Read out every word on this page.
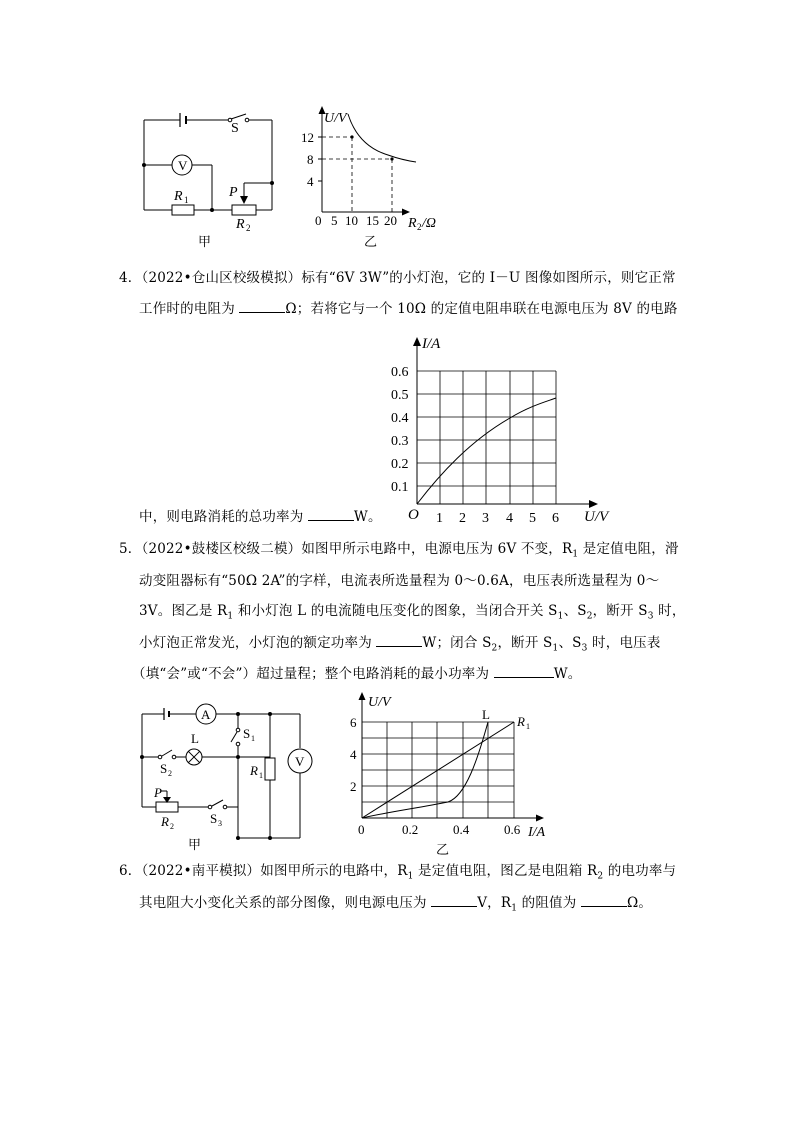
V
S
R 1	P
R 2
甲
U/V
12
8
4
0 5 10 15 20 R 2 /Ω
乙
4．（2022•仓山区校级模拟）标有“6V 3W”的小灯泡，它的 I－U 图像如图所示，则它正常
工作时的电阻为	Ω；若将它与一个 10Ω 的定值电阻串联在电源电压为 8V 的电路
I/A
0.6
0.5
0.4
0.3
0.2
0.1
O 1 2 3 4 5 6 U/V
中，则电路消耗的总功率为	W。
5．（2022•鼓楼区校级二模）如图甲所示电路中，电源电压为 6V 不变，$R_1$ 是定值电阻，滑
动变阻器标有“50Ω 2A”的字样，电流表所选量程为 0～0.6A，电压表所选量程为 0～
3V。图乙是 $R_1$ 和小灯泡 L 的电流随电压变化的图象，当闭合开关 $S_1$、$S_2$，断开 $S_3$ 时，
小灯泡正常发光，小灯泡的额定功率为	W；闭合 $S_2$，断开 $S_1$、$S_3$ 时，电压表
（填“会”或“不会”）超过量程；整个电路消耗的最小功率为	W。
A
V
L	S 1
S 2
S 3
R 1
P
R 2
甲
U/V
6
4
2
0	0.2	0.4	0.6 I/A
L R 1
乙
6．（2022•南平模拟）如图甲所示的电路中，$R_1$ 是定值电阻，图乙是电阻箱 $R_2$ 的电功率与
其电阻大小变化关系的部分图像，则电源电压为	V，$R_1$ 的阻值为	Ω。
